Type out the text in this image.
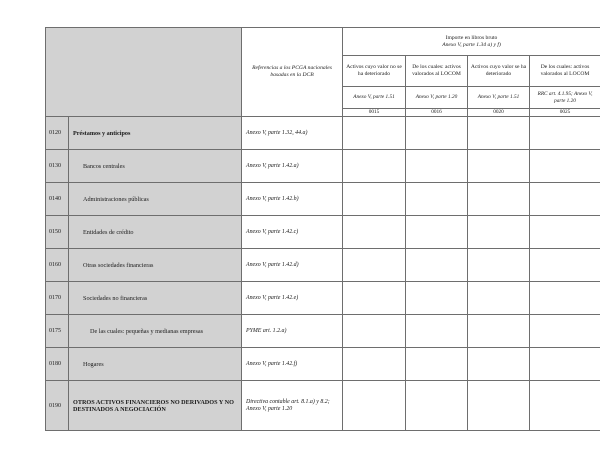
		Referencias a los PCGA nacionales basadas en la DCB	Importe en libros bruto
Anexo V, parte 1.34 a) y f)			

			Activos cuyo valor no se ha deteriorado	De los cuales: activos valorados al LOCOM	Activos cuyo valor se ha deteriorado	De los cuales: activos valorados al LOCOM
			Anexo V, parte 1.51	Anexo V, parte 1.20	Anexo V, parte 1.51	RRC art. 4.1.95; Anexo V, parte 1.20
			0015	0016	0020	0025
0120	Préstamos y anticipos	Anexo V, parte 1.32, 44.a)				
0130	Bancos centrales	Anexo V, parte 1.42.a)				
0140	Administraciones públicas	Anexo V, parte 1.42.b)				
0150	Entidades de crédito	Anexo V, parte 1.42.c)				
0160	Otras sociedades financieras	Anexo V, parte 1.42.d)				
0170	Sociedades no financieras	Anexo V, parte 1.42.e)				
0175	De las cuales: pequeñas y medianas empresas	PYME art. 1.2.a)				
0180	Hogares	Anexo V, parte 1.42.f)				
0190	OTROS ACTIVOS FINANCIEROS NO DERIVADOS Y NO DESTINADOS A NEGOCIACIÓN	Directiva contable art. 8.1.a) y 8.2; Anexo V, parte 1.20				
